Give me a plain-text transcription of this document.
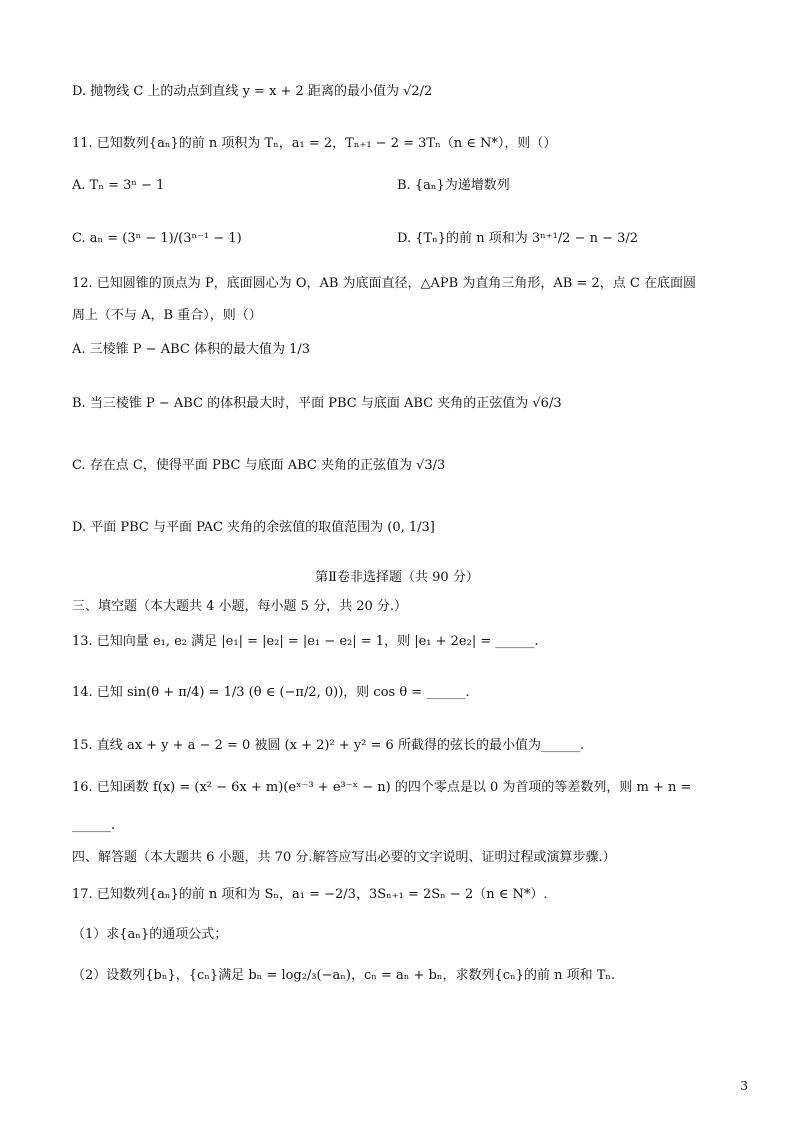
D. 抛物线 C 上的动点到直线 y = x + 2 距离的最小值为 √2/2
11. 已知数列{aₙ}的前 n 项积为 Tₙ，a₁ = 2，Tₙ₊₁ − 2 = 3Tₙ（n ∈ N*），则（）
A. Tₙ = 3ⁿ − 1	B. {aₙ}为递增数列
C. aₙ = (3ⁿ − 1)/(3ⁿ⁻¹ − 1)	D. {Tₙ}的前 n 项和为 3ⁿ⁺¹/2 − n − 3/2
12. 已知圆锥的顶点为 P，底面圆心为 O，AB 为底面直径，△APB 为直角三角形，AB = 2，点 C 在底面圆
周上（不与 A，B 重合），则（）
A. 三棱锥 P − ABC 体积的最大值为 1/3
B. 当三棱锥 P − ABC 的体积最大时，平面 PBC 与底面 ABC 夹角的正弦值为 √6/3
C. 存在点 C，使得平面 PBC 与底面 ABC 夹角的正弦值为 √3/3
D. 平面 PBC 与平面 PAC 夹角的余弦值的取值范围为 (0, 1/3]
第Ⅱ卷非选择题（共 90 分）
三、填空题（本大题共 4 小题，每小题 5 分，共 20 分.）
13. 已知向量 e₁, e₂ 满足 |e₁| = |e₂| = |e₁ − e₂| = 1，则 |e₁ + 2e₂| = ______.
14. 已知 sin(θ + π/4) = 1/3 (θ ∈ (−π/2, 0))，则 cos θ = ______.
15. 直线 ax + y + a − 2 = 0 被圆 (x + 2)² + y² = 6 所截得的弦长的最小值为______.
16. 已知函数 f(x) = (x² − 6x + m)(eˣ⁻³ + e³⁻ˣ − n) 的四个零点是以 0 为首项的等差数列，则 m + n =
______.
四、解答题（本大题共 6 小题，共 70 分.解答应写出必要的文字说明、证明过程或演算步骤.）
17. 已知数列{aₙ}的前 n 项和为 Sₙ，a₁ = −2/3，3Sₙ₊₁ = 2Sₙ − 2（n ∈ N*）.
（1）求{aₙ}的通项公式；
（2）设数列{bₙ}，{cₙ}满足 bₙ = log₂/₃(−aₙ)，cₙ = aₙ + bₙ，求数列{cₙ}的前 n 项和 Tₙ.
3
